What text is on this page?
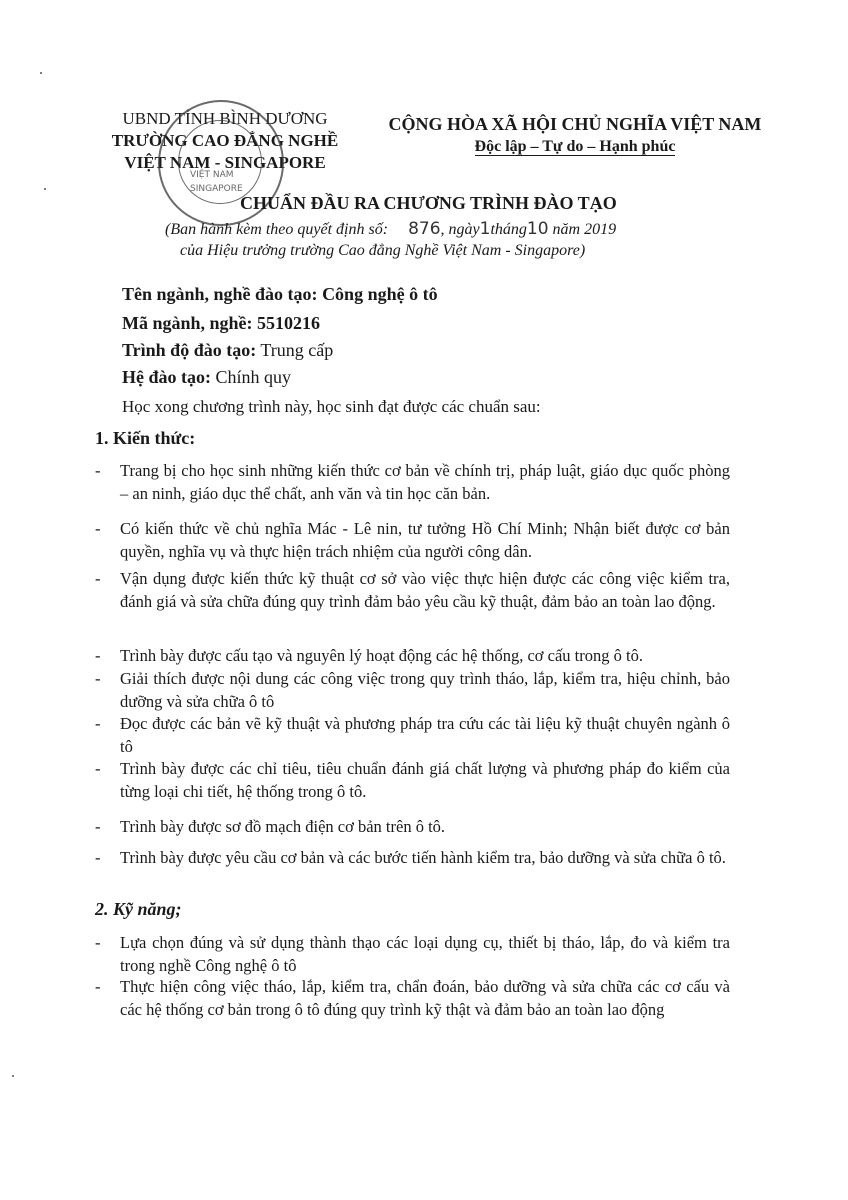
UBND TỈNH BÌNH DƯƠNG
TRƯỜNG CAO ĐẲNG NGHỀ
VIỆT NAM - SINGAPORE
VIỆT NAM
SINGAPORE
CỘNG HÒA XÃ HỘI CHỦ NGHĨA VIỆT NAM
Độc lập – Tự do – Hạnh phúc
CHUẨN ĐẦU RA CHƯƠNG TRÌNH ĐÀO TẠO
(Ban hành kèm theo quyết định số: 876, ngày1tháng10 năm 2019
của Hiệu trưởng trường Cao đẳng Nghề Việt Nam - Singapore)
Tên ngành, nghề đào tạo: Công nghệ ô tô
Mã ngành, nghề: 5510216
Trình độ đào tạo: Trung cấp
Hệ đào tạo: Chính quy
Học xong chương trình này, học sinh đạt được các chuẩn sau:
1. Kiến thức:
-	Trang bị cho học sinh những kiến thức cơ bản về chính trị, pháp luật, giáo dục quốc phòng – an ninh, giáo dục thể chất, anh văn và tin học căn bản.
-	Có kiến thức về chủ nghĩa Mác - Lê nin, tư tưởng Hồ Chí Minh; Nhận biết được cơ bản quyền, nghĩa vụ và thực hiện trách nhiệm của người công dân.
-	Vận dụng được kiến thức kỹ thuật cơ sở vào việc thực hiện được các công việc kiểm tra, đánh giá và sửa chữa đúng quy trình đảm bảo yêu cầu kỹ thuật, đảm bảo an toàn lao động.
-	Trình bày được cấu tạo và nguyên lý hoạt động các hệ thống, cơ cấu trong ô tô.
-	Giải thích được nội dung các công việc trong quy trình tháo, lắp, kiểm tra, hiệu chỉnh, bảo dưỡng và sửa chữa ô tô
-	Đọc được các bản vẽ kỹ thuật và phương pháp tra cứu các tài liệu kỹ thuật chuyên ngành ô tô
-	Trình bày được các chỉ tiêu, tiêu chuẩn đánh giá chất lượng và phương pháp đo kiểm của từng loại chi tiết, hệ thống trong ô tô.
-	Trình bày được sơ đồ mạch điện cơ bản trên ô tô.
-	Trình bày được yêu cầu cơ bản và các bước tiến hành kiểm tra, bảo dưỡng và sửa chữa ô tô.
2. Kỹ năng;
-	Lựa chọn đúng và sử dụng thành thạo các loại dụng cụ, thiết bị tháo, lắp, đo và kiểm tra trong nghề Công nghệ ô tô
-	Thực hiện công việc tháo, lắp, kiểm tra, chẩn đoán, bảo dưỡng và sửa chữa các cơ cấu và các hệ thống cơ bản trong ô tô đúng quy trình kỹ thật và đảm bảo an toàn lao động
